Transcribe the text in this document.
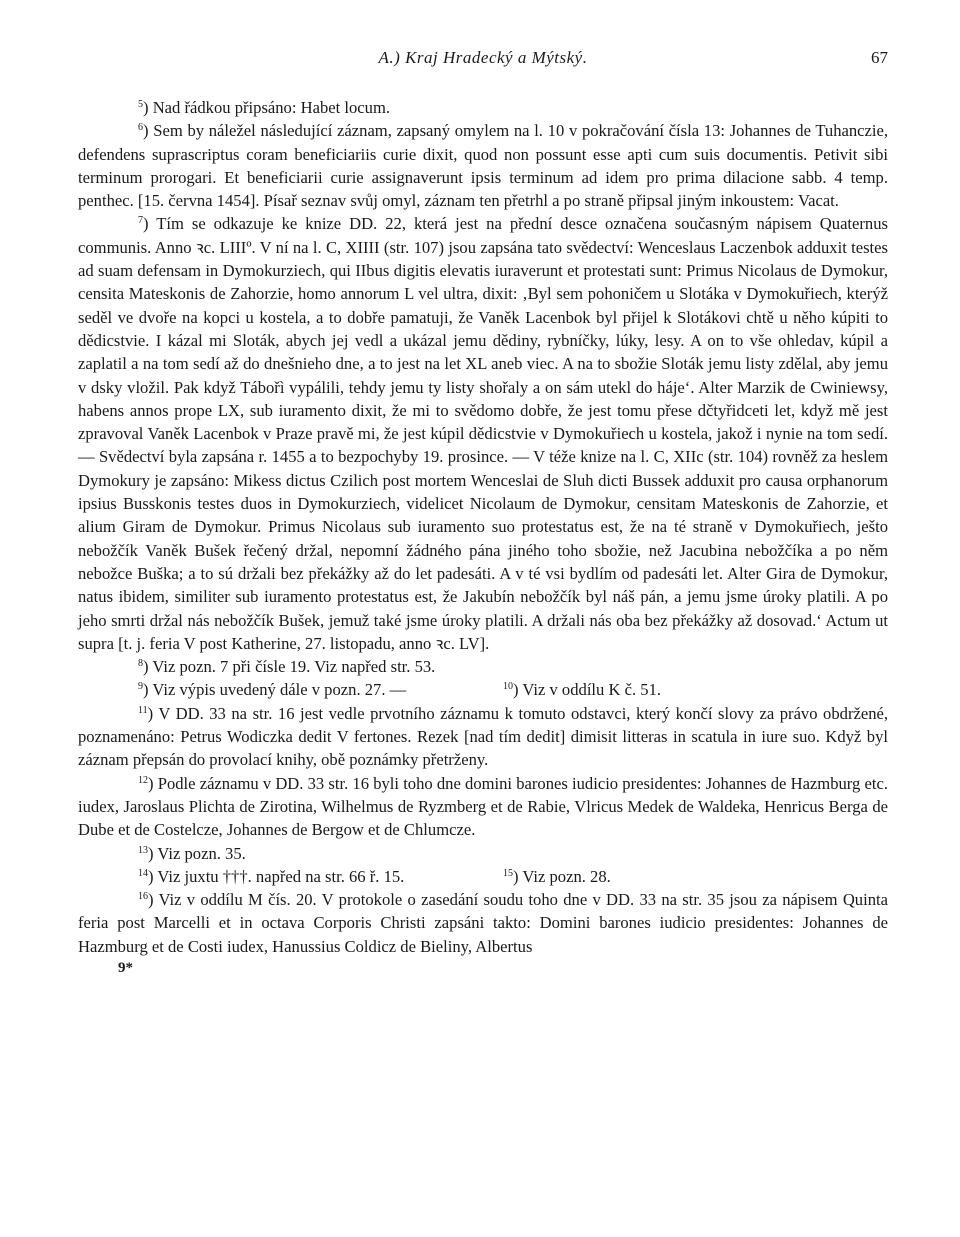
A.) Kraj Hradecký a Mýtský.	67

$^5$) Nad řádkou připsáno: Habet locum.

$^6$) Sem by náležel následující záznam, zapsaný omylem na l. 10 v pokračování čísla 13: Johannes de Tuhanczie, defendens suprascriptus coram beneficiariis curie dixit, quod non possunt esse apti cum suis documentis. Petivit sibi terminum prorogari. Et beneficiarii curie assignaverunt ipsis terminum ad idem pro prima dilacione sabb. 4 temp. penthec. [15. června 1454]. Písař seznav svůj omyl, záznam ten přetrhl a po straně připsal jiným inkoustem: Vacat.

$^7$) Tím se odkazuje ke knize DD. 22, která jest na přední desce označena současným nápisem Quaternus communis. Anno ꝛc. LIIIº. V ní na l. C, XIIII (str. 107) jsou zapsána tato svědectví: Wenceslaus Laczenbok adduxit testes ad suam defensam in Dymokurziech, qui IIbus digitis elevatis iuraverunt et protestati sunt: Primus Nicolaus de Dymokur, censita Mateskonis de Zahorzie, homo annorum L vel ultra, dixit: ‚Byl sem pohoničem u Slotáka v Dymokuřiech, kterýž seděl ve dvoře na kopci u kostela, a to dobře pamatuji, že Vaněk Lacenbok byl přijel k Slotákovi chtě u něho kúpiti to dědicstvie. I kázal mi Sloták, abych jej vedl a ukázal jemu dědiny, rybníčky, lúky, lesy. A on to vše ohledav, kúpil a zaplatil a na tom sedí až do dnešnieho dne, a to jest na let XL aneb viec. A na to sbožie Sloták jemu listy zdělal, aby jemu v dsky vložil. Pak když Tábořì vypálili, tehdy jemu ty listy shořaly a on sám utekl do háje‘. Alter Marzik de Cwiniewsy, habens annos prope LX, sub iuramento dixit, že mi to svědomo dobře, že jest tomu přese dčtyřidceti let, když mě jest zpravoval Vaněk Lacenbok v Praze pravě mi, že jest kúpil dědicstvie v Dymokuřiech u kostela, jakož i nynie na tom sedí. — Svědectví byla zapsána r. 1455 a to bezpochyby 19. prosince. — V téže knize na l. C, XIIc (str. 104) rovněž za heslem Dymokury je zapsáno: Mikess dictus Czilich post mortem Wenceslai de Sluh dicti Bussek adduxit pro causa orphanorum ipsius Busskonis testes duos in Dymokurziech, videlicet Nicolaum de Dymokur, censitam Mateskonis de Zahorzie, et alium Giram de Dymokur. Primus Nicolaus sub iuramento suo protestatus est, že na té straně v Dymokuřiech, ješto nebožčík Vaněk Bušek řečený držal, nepomní žádného pána jiného toho sbožie, než Jacubina nebožčíka a po něm nebožce Buška; a to sú držali bez překážky až do let padesáti. A v té vsi bydlím od padesáti let. Alter Gira de Dymokur, natus ibidem, similiter sub iuramento protestatus est, že Jakubín nebožčík byl náš pán, a jemu jsme úroky platili. A po jeho smrti držal nás nebožčík Bušek, jemuž také jsme úroky platili. A držali nás oba bez překážky až dosovad.‘ Actum ut supra [t. j. feria V post Katherine, 27. listopadu, anno ꝛc. LV].

$^8$) Viz pozn. 7 při čísle 19. Viz napřed str. 53.

$^9$) Viz výpis uvedený dále v pozn. 27. —	$^{10}$) Viz v oddílu K č. 51.

$^{11}$) V DD. 33 na str. 16 jest vedle prvotního záznamu k tomuto odstavci, který končí slovy za právo obdržené, poznamenáno: Petrus Wodiczka dedit V fertones. Rezek [nad tím dedit] dimisit litteras in scatula in iure suo. Když byl záznam přepsán do provolací knihy, obě poznámky přetrženy.

$^{12}$) Podle záznamu v DD. 33 str. 16 byli toho dne domini barones iudicio presidentes: Johannes de Hazmburg etc. iudex, Jaroslaus Plichta de Zirotina, Wilhelmus de Ryzmberg et de Rabie, Vlricus Medek de Waldeka, Henricus Berga de Dube et de Costelcze, Johannes de Bergow et de Chlumcze.

$^{13}$) Viz pozn. 35.

$^{14}$) Viz juxtu †††. napřed na str. 66 ř. 15.	$^{15}$) Viz pozn. 28.

$^{16}$) Viz v oddílu M čís. 20. V protokole o zasedání soudu toho dne v DD. 33 na str. 35 jsou za nápisem Quinta feria post Marcelli et in octava Corporis Christi zapsáni takto: Domini barones iudicio presidentes: Johannes de Hazmburg et de Costi iudex, Hanussius Coldicz de Bieliny, Albertus

9*
